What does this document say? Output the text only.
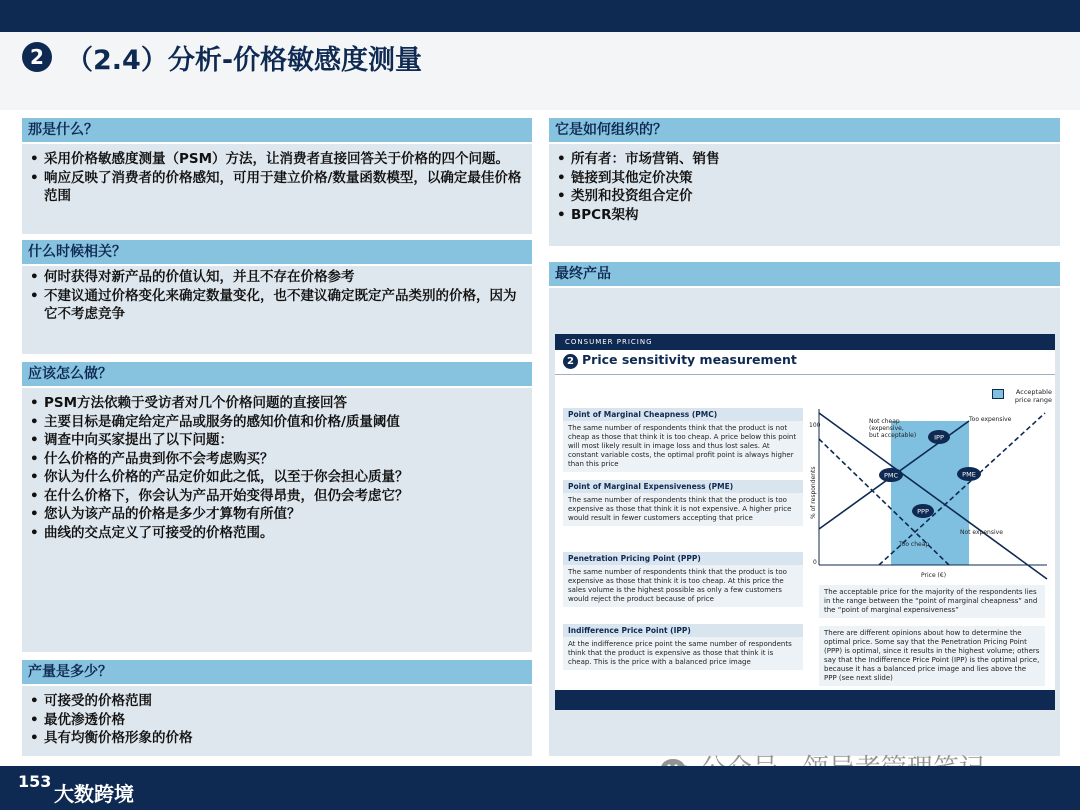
2 （2.4）分析-价格敏感度测量
那是什么？
• 采用价格敏感度测量（PSM）方法，让消费者直接回答关于价格的四个问题。
• 响应反映了消费者的价格感知，可用于建立价格/数量函数模型，以确定最佳价格范围
什么时候相关？
• 何时获得对新产品的价值认知，并且不存在价格参考
• 不建议通过价格变化来确定数量变化，也不建议确定既定产品类别的价格，因为它不考虑竞争
应该怎么做？
• PSM方法依赖于受访者对几个价格问题的直接回答
• 主要目标是确定给定产品或服务的感知价值和价格/质量阈值
• 调查中向买家提出了以下问题：
• 什么价格的产品贵到你不会考虑购买？
• 你认为什么价格的产品定价如此之低，以至于你会担心质量？
• 在什么价格下，你会认为产品开始变得昂贵，但仍会考虑它？
• 您认为该产品的价格是多少才算物有所值？
• 曲线的交点定义了可接受的价格范围。
产量是多少？
• 可接受的价格范围
• 最优渗透价格
• 具有均衡价格形象的价格
它是如何组织的？
• 所有者：市场营销、销售
• 链接到其他定价决策
• 类别和投资组合定价
• BPCR架构
最终产品
CONSUMER PRICING
2 Price sensitivity measurement
Acceptable price range
Point of Marginal Cheapness (PMC)
The same number of respondents think that the product is not cheap as those that think it is too cheap. A price below this point will most likely result in image loss and thus lost sales. At constant variable costs, the optimal profit point is always higher than this price
Point of Marginal Expensiveness (PME)
The same number of respondents think that the product is too expensive as those that think it is not expensive. A higher price would result in fewer customers accepting that price
Penetration Pricing Point (PPP)
The same number of respondents think that the product is too expensive as those that think it is too cheap. At this price the sales volume is the highest possible as only a few customers would reject the product because of price
Indifference Price Point (IPP)
At the indifference price point the same number of respondents think that the product is expensive as those that think it is cheap. This is the price with a balanced price image
IPP
PMC	PME
PPP
Not cheap (expensive, but acceptable)
Too expensive
Not expensive
Too cheap
100
0
Price (€)
% of respondents
The acceptable price for the majority of the respondents lies in the range between the “point of marginal cheapness” and the “point of marginal expensiveness”
There are different opinions about how to determine the optimal price. Some say that the Penetration Pricing Point (PPP) is optimal, since it results in the highest volume; others say that the Indifference Price Point (IPP) is the optimal price, because it has a balanced price image and lies above the PPP (see next slide)
153
大数跨境
